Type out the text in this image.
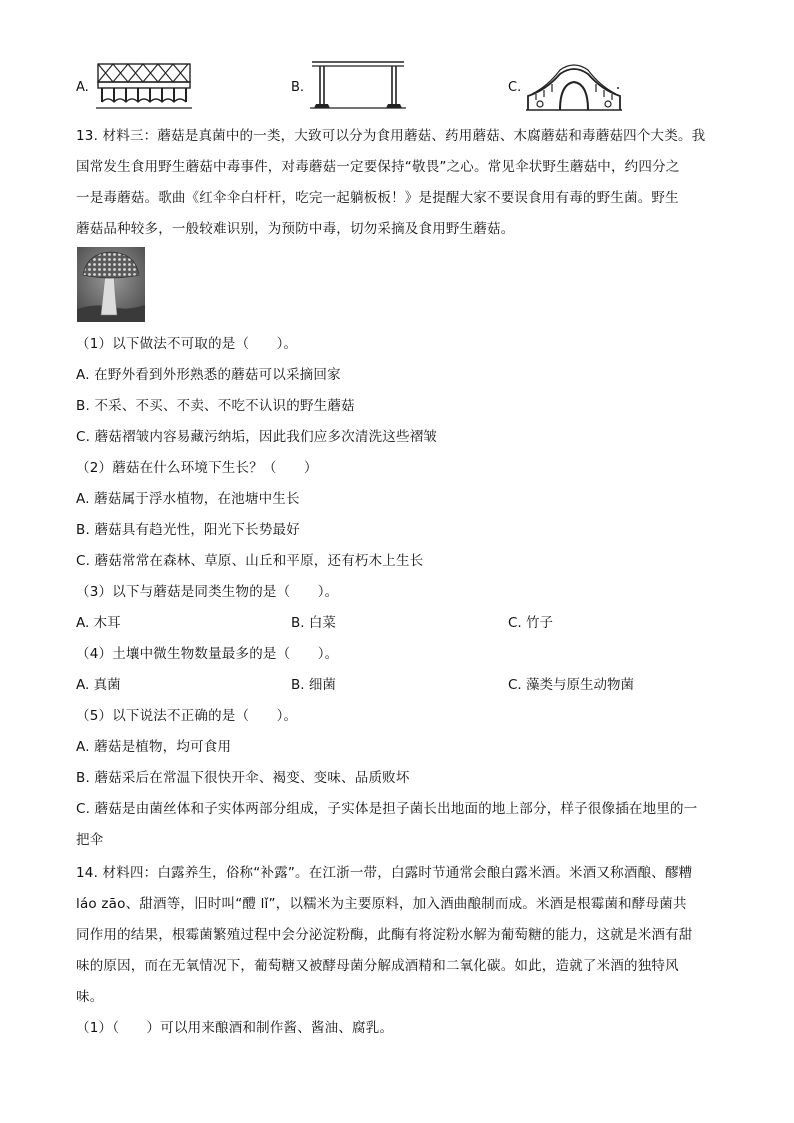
A.	B.	C.
13. 材料三：蘑菇是真菌中的一类，大致可以分为食用蘑菇、药用蘑菇、木腐蘑菇和毒蘑菇四个大类。我
国常发生食用野生蘑菇中毒事件，对毒蘑菇一定要保持“敬畏”之心。常见伞状野生蘑菇中，约四分之
一是毒蘑菇。歌曲《红伞伞白杆杆，吃完一起躺板板！》是提醒大家不要误食用有毒的野生菌。野生
蘑菇品种较多，一般较难识别，为预防中毒，切勿采摘及食用野生蘑菇。
（1）以下做法不可取的是（　　）。
A. 在野外看到外形熟悉的蘑菇可以采摘回家
B. 不采、不买、不卖、不吃不认识的野生蘑菇
C. 蘑菇褶皱内容易藏污纳垢，因此我们应多次清洗这些褶皱
（2）蘑菇在什么环境下生长？（　　）
A. 蘑菇属于浮水植物，在池塘中生长
B. 蘑菇具有趋光性，阳光下长势最好
C. 蘑菇常常在森林、草原、山丘和平原，还有朽木上生长
（3）以下与蘑菇是同类生物的是（　　）。
A. 木耳	B. 白菜	C. 竹子
（4）土壤中微生物数量最多的是（　　）。
A. 真菌	B. 细菌	C. 藻类与原生动物菌
（5）以下说法不正确的是（　　）。
A. 蘑菇是植物，均可食用
B. 蘑菇采后在常温下很快开伞、褐变、变味、品质败坏
C. 蘑菇是由菌丝体和子实体两部分组成，子实体是担子菌长出地面的地上部分，样子很像插在地里的一
把伞
14. 材料四：白露养生，俗称“补露”。在江浙一带，白露时节通常会酿白露米酒。米酒又称酒酿、醪糟
láo zāo、甜酒等，旧时叫“醴 lǐ”，以糯米为主要原料，加入酒曲酿制而成。米酒是根霉菌和酵母菌共
同作用的结果，根霉菌繁殖过程中会分泌淀粉酶，此酶有将淀粉水解为葡萄糖的能力，这就是米酒有甜
味的原因，而在无氧情况下，葡萄糖又被酵母菌分解成酒精和二氧化碳。如此，造就了米酒的独特风
味。
（1）（　　）可以用来酿酒和制作酱、酱油、腐乳。
